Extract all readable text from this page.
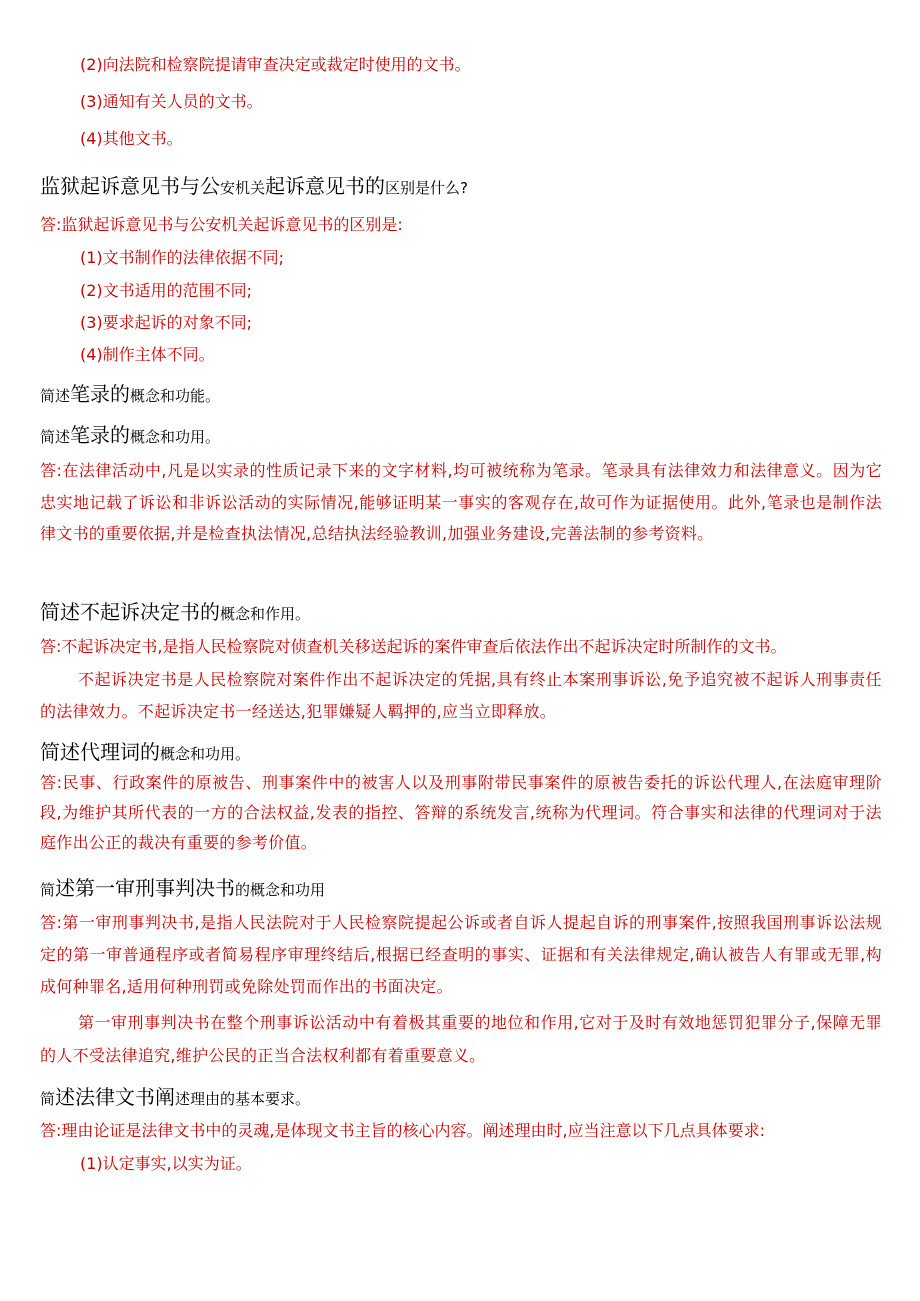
(2)向法院和检察院提请审查决定或裁定时使用的文书。
(3)通知有关人员的文书。
(4)其他文书。
监狱起诉意见书与公安机关起诉意见书的区别是什么?
答:监狱起诉意见书与公安机关起诉意见书的区别是:
(1)文书制作的法律依据不同;
(2)文书适用的范围不同;
(3)要求起诉的对象不同;
(4)制作主体不同。
简述笔录的概念和功能。
简述笔录的概念和功用。
答:在法律活动中,凡是以实录的性质记录下来的文字材料,均可被统称为笔录。笔录具有法律效力和法律意义。因为它忠实地记载了诉讼和非诉讼活动的实际情况,能够证明某一事实的客观存在,故可作为证据使用。此外,笔录也是制作法律文书的重要依据,并是检查执法情况,总结执法经验教训,加强业务建设,完善法制的参考资料。
简述不起诉决定书的概念和作用。
答:不起诉决定书,是指人民检察院对侦查机关移送起诉的案件审查后依法作出不起诉决定时所制作的文书。
不起诉决定书是人民检察院对案件作出不起诉决定的凭据,具有终止本案刑事诉讼,免予追究被不起诉人刑事责任的法律效力。不起诉决定书一经送达,犯罪嫌疑人羁押的,应当立即释放。
简述代理词的概念和功用。
答:民事、行政案件的原被告、刑事案件中的被害人以及刑事附带民事案件的原被告委托的诉讼代理人,在法庭审理阶段,为维护其所代表的一方的合法权益,发表的指控、答辩的系统发言,统称为代理词。符合事实和法律的代理词对于法庭作出公正的裁决有重要的参考价值。
简述第一审刑事判决书的概念和功用
答:第一审刑事判决书,是指人民法院对于人民检察院提起公诉或者自诉人提起自诉的刑事案件,按照我国刑事诉讼法规定的第一审普通程序或者简易程序审理终结后,根据已经查明的事实、证据和有关法律规定,确认被告人有罪或无罪,构成何种罪名,适用何种刑罚或免除处罚而作出的书面决定。
第一审刑事判决书在整个刑事诉讼活动中有着极其重要的地位和作用,它对于及时有效地惩罚犯罪分子,保障无罪的人不受法律追究,维护公民的正当合法权利都有着重要意义。
简述法律文书阐述理由的基本要求。
答:理由论证是法律文书中的灵魂,是体现文书主旨的核心内容。阐述理由时,应当注意以下几点具体要求:
(1)认定事实,以实为证。
